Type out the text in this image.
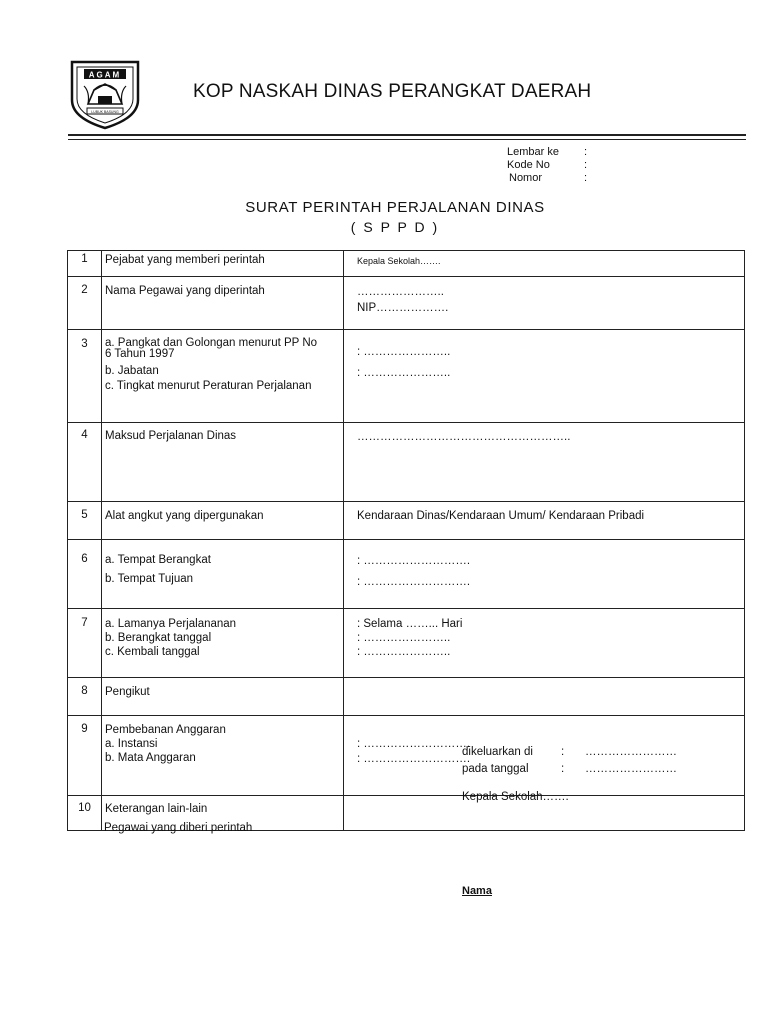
AGAM
LUBUK BASUNG
KOP NASKAH DINAS PERANGKAT DAERAH
Lembar ke :
Kode No	:
Nomor	:
SURAT PERINTAH PERJALANAN DINAS
( S P P D )
1	Pejabat yang memberi perintah	Kepala Sekolah…….

2	Nama Pegawai yang diperintah	…………………..
NIP……………….

3	a. Pangkat dan Golongan menurut PP No
6 Tahun 1997
b. Jabatan
c. Tingkat menurut Peraturan Perjalanan	: …………………..
: …………………..

4	Maksud Perjalanan Dinas	………………………………………………..

5	Alat angkut yang dipergunakan	Kendaraan Dinas/Kendaraan Umum/ Kendaraan Pribadi

6	a. Tempat Berangkat
b. Tempat Tujuan	: ……………………….
: ……………………….

7	a. Lamanya Perjalananan
b. Berangkat tanggal
c. Kembali tanggal	: Selama ……... Hari
: …………………..
: …………………..

8	Pengikut	

9	Pembebanan Anggaran
a. Instansi
b. Mata Anggaran	: ……………………….
: ……………………….

10	Keterangan lain-lain	

dikeluarkan di : ……………………
pada tanggal	: ……………………
Kepala Sekolah…….
Pegawai yang diberi perintah
Nama
